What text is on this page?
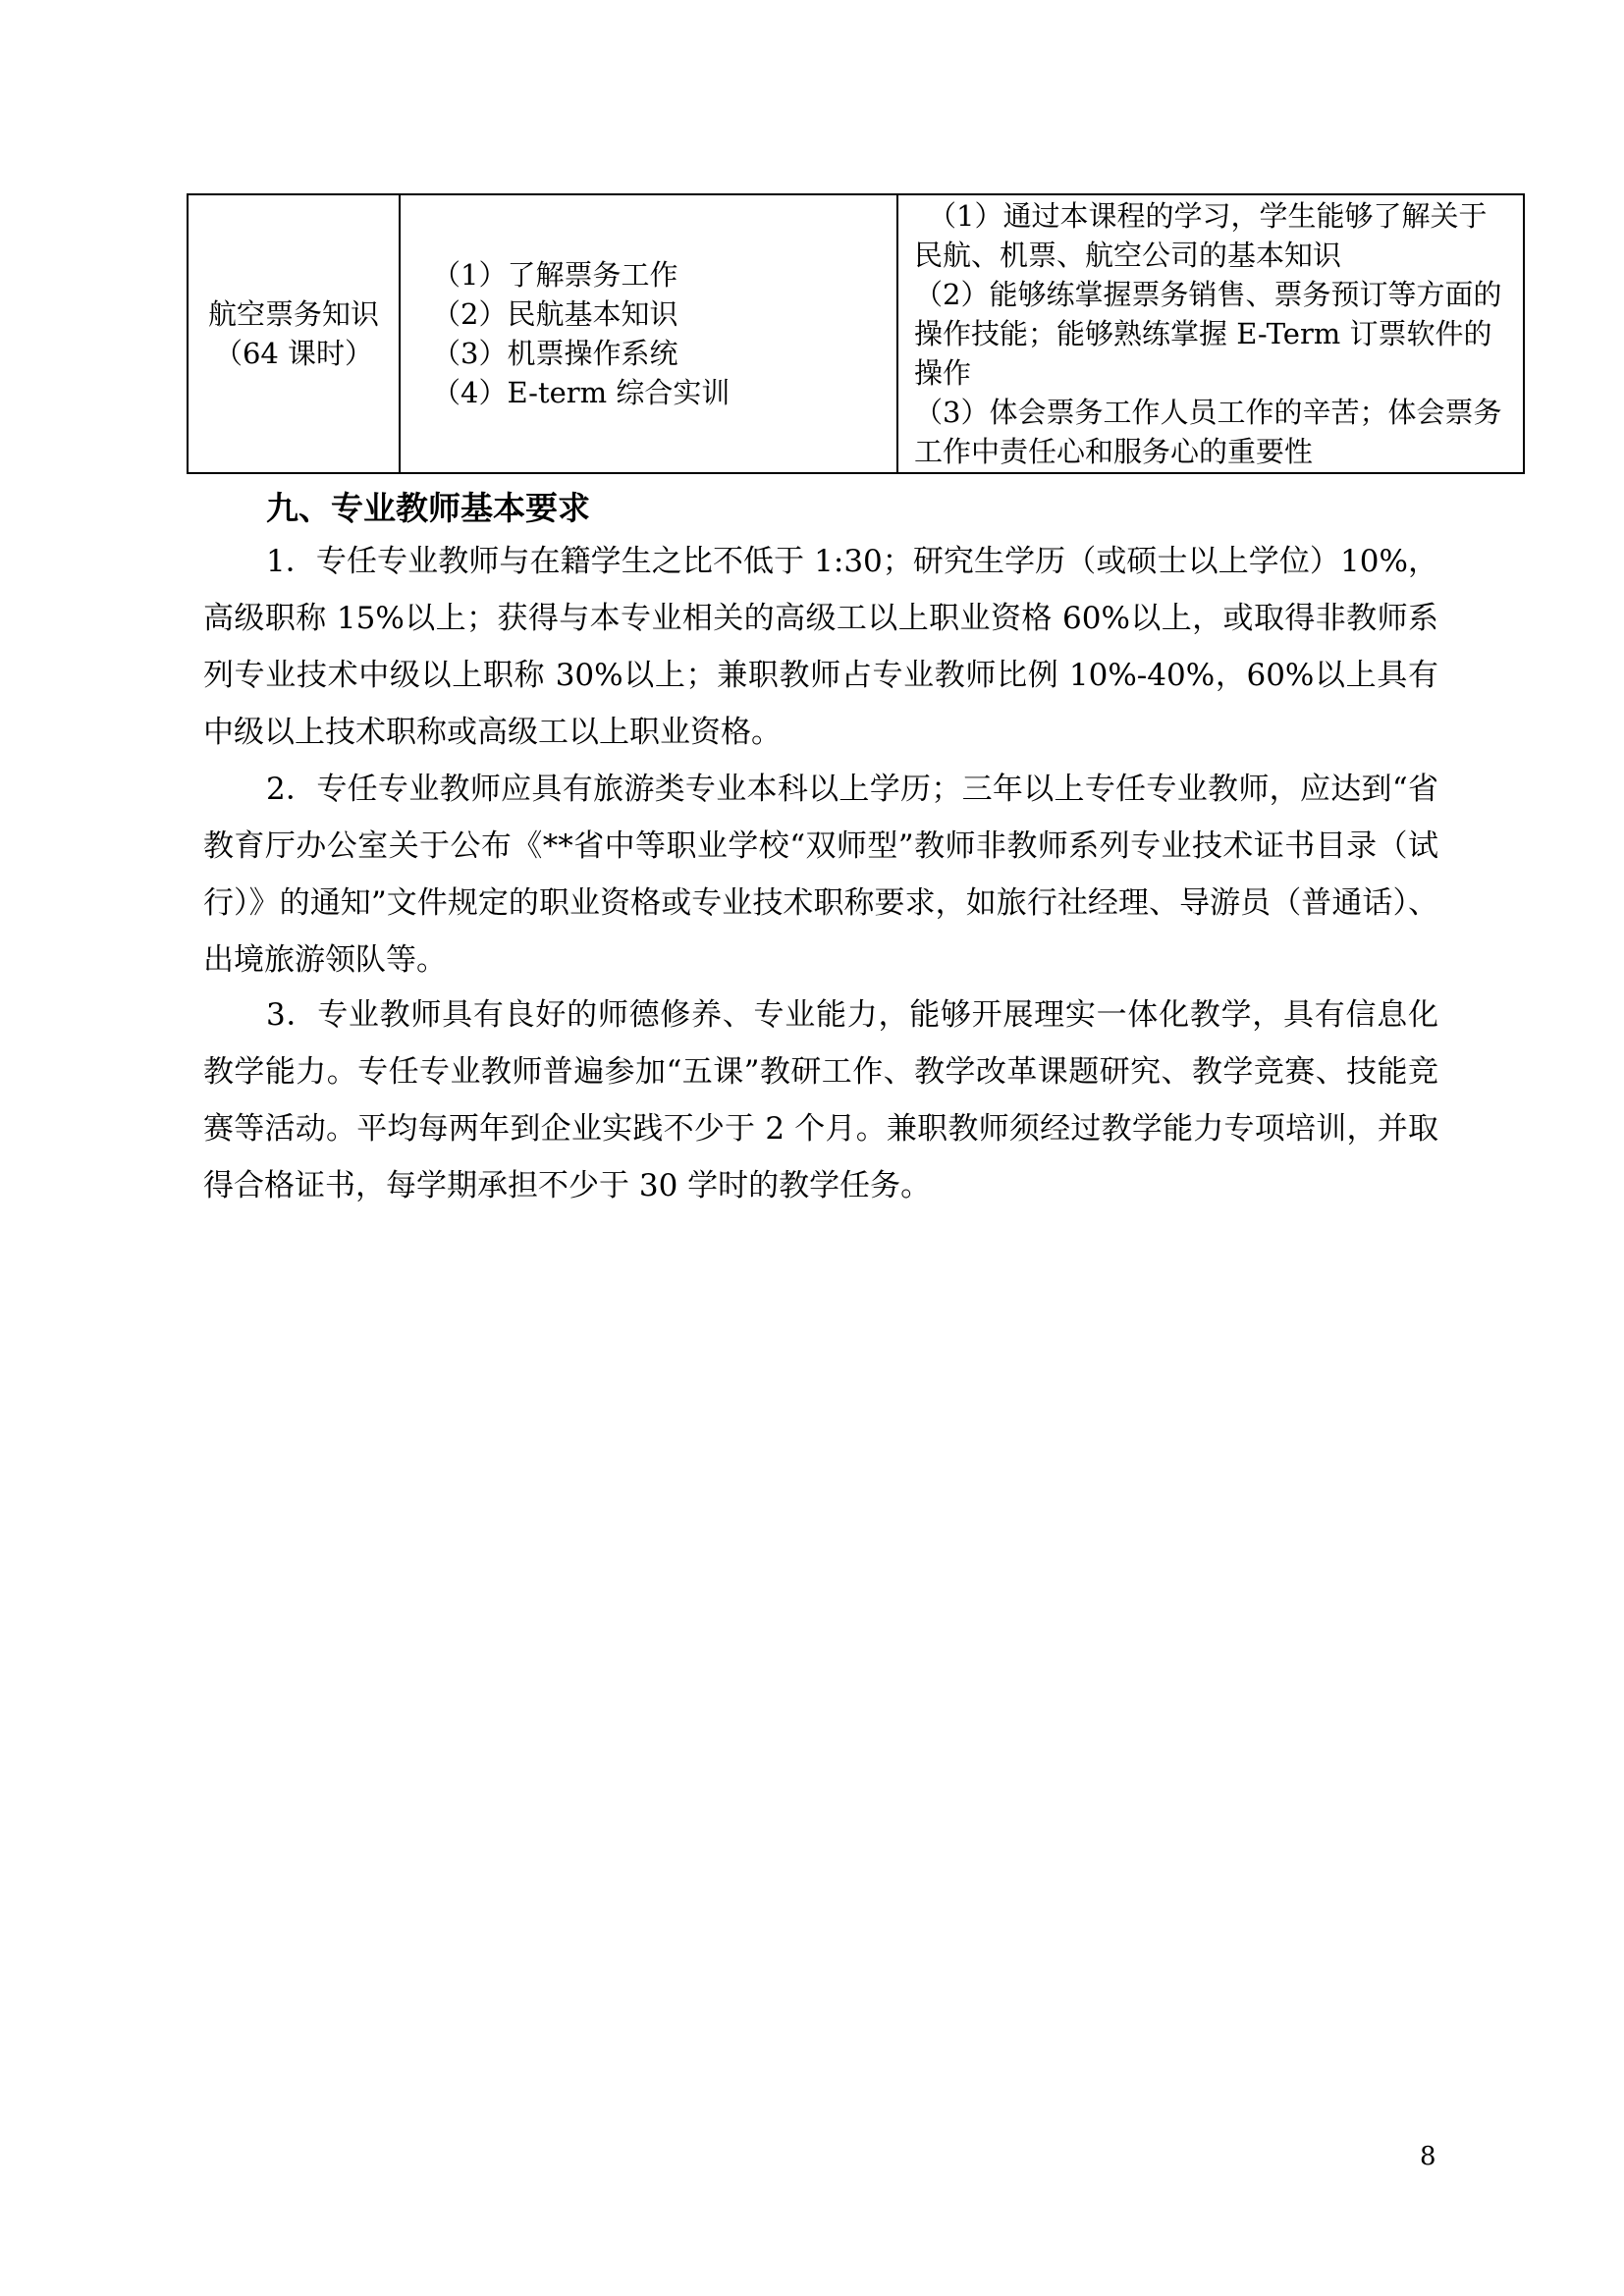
航空票务知识
（64 课时）

（1）了解票务工作
（2）民航基本知识
（3）机票操作系统
（4）E-term 综合实训

（1）通过本课程的学习，学生能够了解关于民航、机票、航空公司的基本知识
（2）能够练掌握票务销售、票务预订等方面的操作技能；能够熟练掌握 E-Term 订票软件的操作
（3）体会票务工作人员工作的辛苦；体会票务工作中责任心和服务心的重要性
九、专业教师基本要求

1．专任专业教师与在籍学生之比不低于 1:30；研究生学历（或硕士以上学位）10%，高级职称 15%以上；获得与本专业相关的高级工以上职业资格 60%以上，或取得非教师系列专业技术中级以上职称 30%以上；兼职教师占专业教师比例 10%-40%，60%以上具有中级以上技术职称或高级工以上职业资格。

2．专任专业教师应具有旅游类专业本科以上学历；三年以上专任专业教师，应达到“省教育厅办公室关于公布《**省中等职业学校“双师型”教师非教师系列专业技术证书目录（试行）》的通知”文件规定的职业资格或专业技术职称要求，如旅行社经理、导游员（普通话）、出境旅游领队等。

3．专业教师具有良好的师德修养、专业能力，能够开展理实一体化教学，具有信息化教学能力。专任专业教师普遍参加“五课”教研工作、教学改革课题研究、教学竞赛、技能竞赛等活动。平均每两年到企业实践不少于 2 个月。兼职教师须经过教学能力专项培训，并取得合格证书，每学期承担不少于 30 学时的教学任务。

8
